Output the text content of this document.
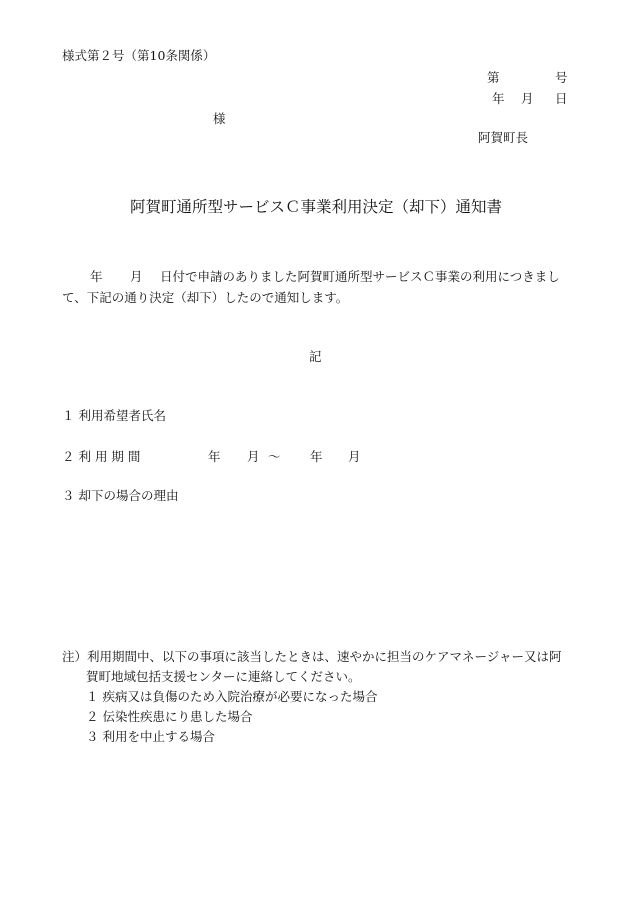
様式第２号（第10条関係）
第	号
年 月 日
様
阿賀町長
阿賀町通所型サービスＣ事業利用決定（却下）通知書
年 月 日付で申請のありました阿賀町通所型サービスＣ事業の利用につきまし
て、下記の通り決定（却下）したので通知します。
記
１ 利用希望者氏名
２ 利 用 期 間	年 月 ～ 年 月
３ 却下の場合の理由
注）利用期間中、以下の事項に該当したときは、速やかに担当のケアマネージャー又は阿
賀町地域包括支援センターに連絡してください。
１ 疾病又は負傷のため入院治療が必要になった場合
２ 伝染性疾患にり患した場合
３ 利用を中止する場合
